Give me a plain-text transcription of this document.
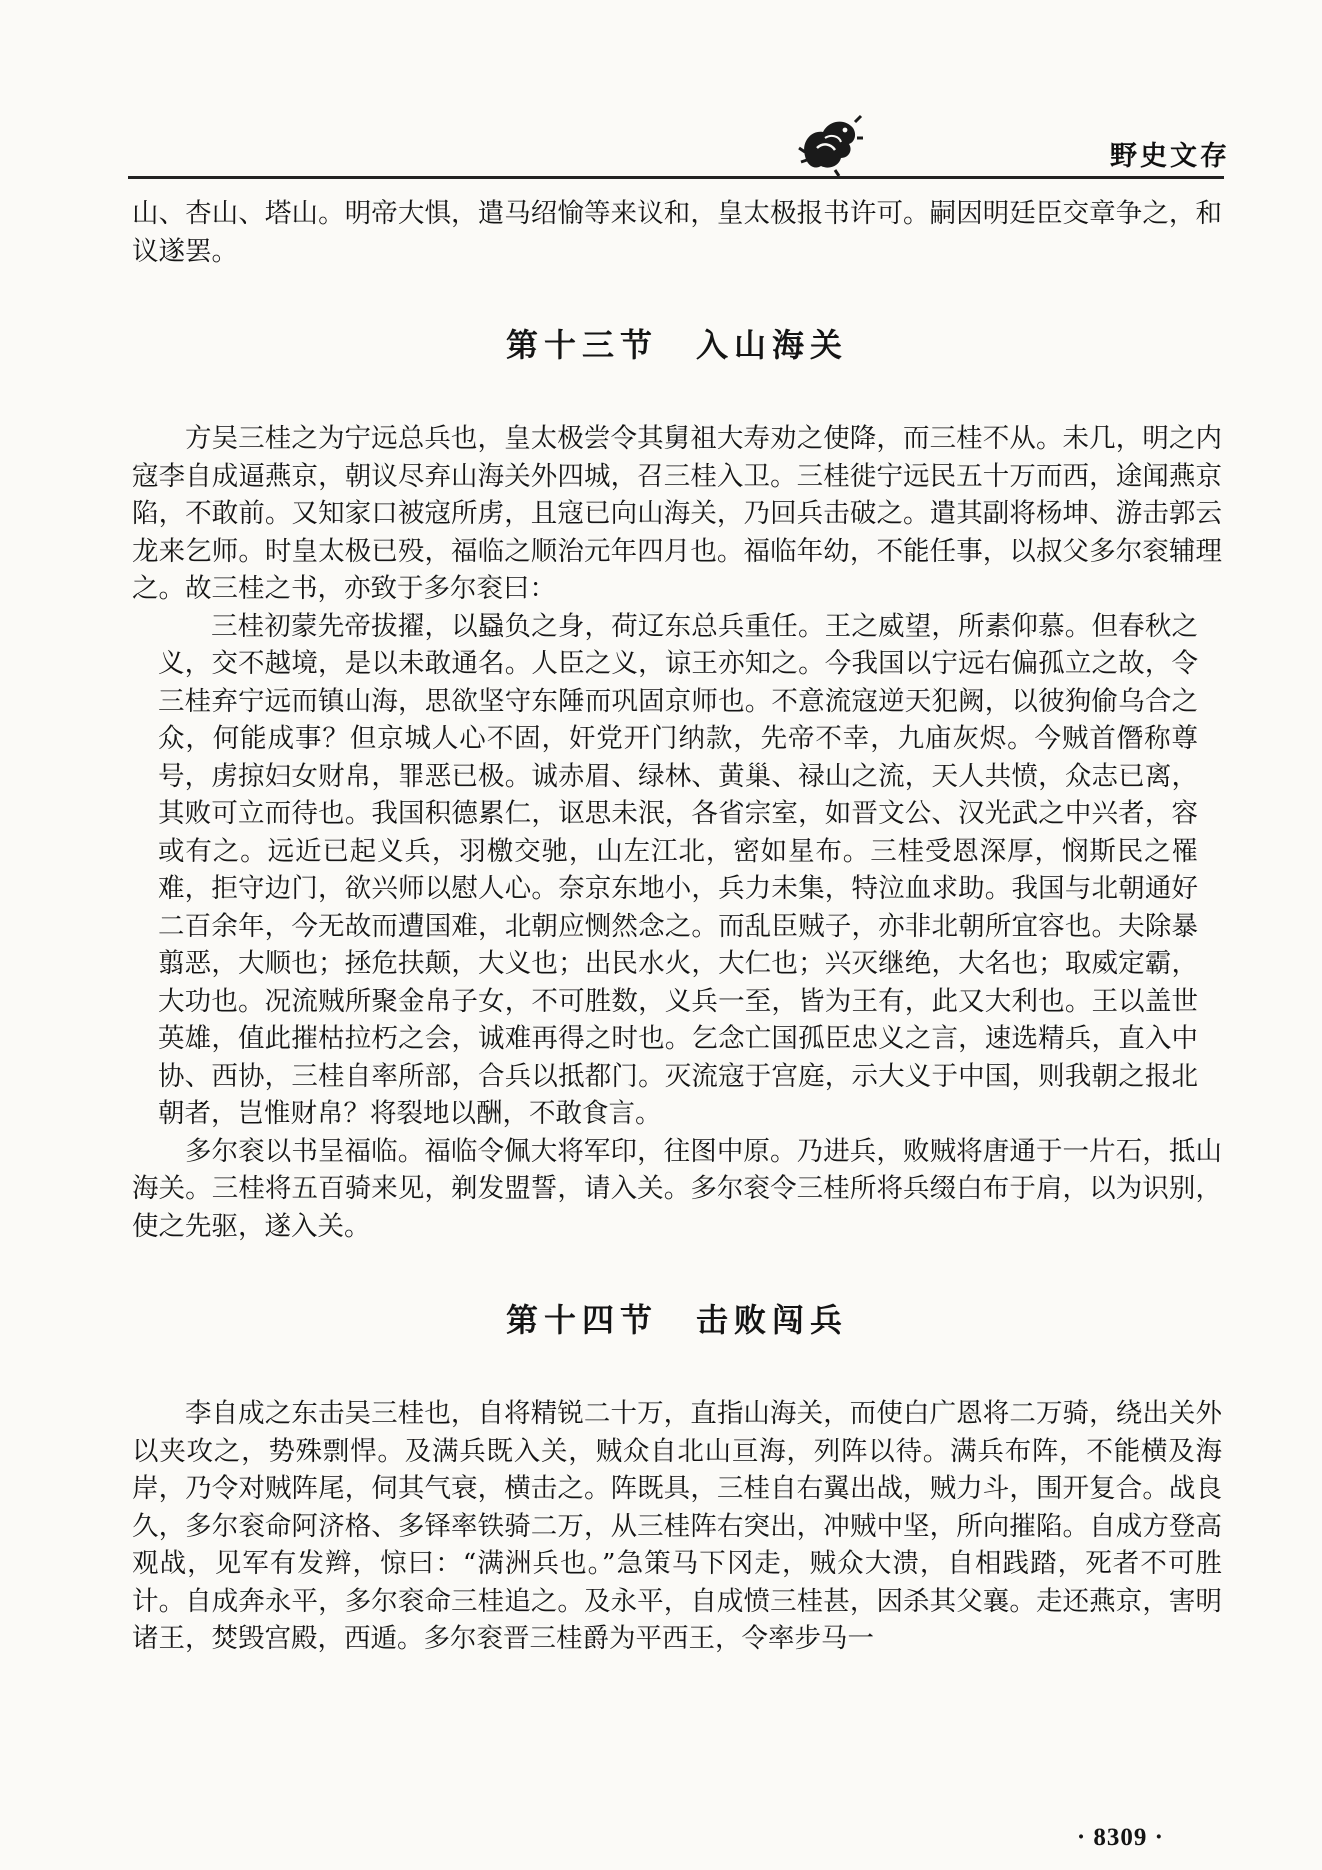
野史文存

山、杏山、塔山。明帝大惧，遣马绍愉等来议和，皇太极报书许可。嗣因明廷臣交章争之，和议遂罢。

第十三节　入山海关

方吴三桂之为宁远总兵也，皇太极尝令其舅祖大寿劝之使降，而三桂不从。未几，明之内寇李自成逼燕京，朝议尽弃山海关外四城，召三桂入卫。三桂徙宁远民五十万而西，途闻燕京陷，不敢前。又知家口被寇所虏，且寇已向山海关，乃回兵击破之。遣其副将杨坤、游击郭云龙来乞师。时皇太极已殁，福临之顺治元年四月也。福临年幼，不能任事，以叔父多尔衮辅理之。故三桂之书，亦致于多尔衮曰：

三桂初蒙先帝拔擢，以蟁负之身，荷辽东总兵重任。王之威望，所素仰慕。但春秋之义，交不越境，是以未敢通名。人臣之义，谅王亦知之。今我国以宁远右偏孤立之故，令三桂弃宁远而镇山海，思欲坚守东陲而巩固京师也。不意流寇逆天犯阙，以彼狗偷乌合之众，何能成事？但京城人心不固，奸党开门纳款，先帝不幸，九庙灰烬。今贼首僭称尊号，虏掠妇女财帛，罪恶已极。诚赤眉、绿林、黄巢、禄山之流，天人共愤，众志已离，其败可立而待也。我国积德累仁，讴思未泯，各省宗室，如晋文公、汉光武之中兴者，容或有之。远近已起义兵，羽檄交驰，山左江北，密如星布。三桂受恩深厚，悯斯民之罹难，拒守边门，欲兴师以慰人心。奈京东地小，兵力未集，特泣血求助。我国与北朝通好二百余年，今无故而遭国难，北朝应恻然念之。而乱臣贼子，亦非北朝所宜容也。夫除暴翦恶，大顺也；拯危扶颠，大义也；出民水火，大仁也；兴灭继绝，大名也；取威定霸，大功也。况流贼所聚金帛子女，不可胜数，义兵一至，皆为王有，此又大利也。王以盖世英雄，值此摧枯拉朽之会，诚难再得之时也。乞念亡国孤臣忠义之言，速选精兵，直入中协、西协，三桂自率所部，合兵以抵都门。灭流寇于宫庭，示大义于中国，则我朝之报北朝者，岂惟财帛？将裂地以酬，不敢食言。

多尔衮以书呈福临。福临令佩大将军印，往图中原。乃进兵，败贼将唐通于一片石，抵山海关。三桂将五百骑来见，剃发盟誓，请入关。多尔衮令三桂所将兵缀白布于肩，以为识别，使之先驱，遂入关。

第十四节　击败闯兵

李自成之东击吴三桂也，自将精锐二十万，直指山海关，而使白广恩将二万骑，绕出关外以夹攻之，势殊剽悍。及满兵既入关，贼众自北山亘海，列阵以待。满兵布阵，不能横及海岸，乃令对贼阵尾，伺其气衰，横击之。阵既具，三桂自右翼出战，贼力斗，围开复合。战良久，多尔衮命阿济格、多铎率铁骑二万，从三桂阵右突出，冲贼中坚，所向摧陷。自成方登高观战，见军有发辫，惊曰：“满洲兵也。”急策马下冈走，贼众大溃，自相践踏，死者不可胜计。自成奔永平，多尔衮命三桂追之。及永平，自成愤三桂甚，因杀其父襄。走还燕京，害明诸王，焚毁宫殿，西遁。多尔衮晋三桂爵为平西王，令率步马一

· 8309 ·
